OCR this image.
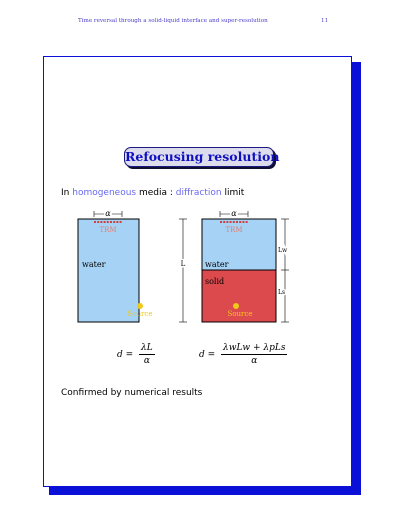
Time reversal through a solid-liquid interface and super-resolution	11
Refocusing resolution
In homogeneous media : diffraction limit
α
TRM
water	L
Source
α
TRM
water
solid
Lw
Ls
Source
$d = \frac{\lambda L}{\alpha}$	$d = \frac{\text{λwLw + λpLs}}{\alpha}$
Confirmed by numerical results
